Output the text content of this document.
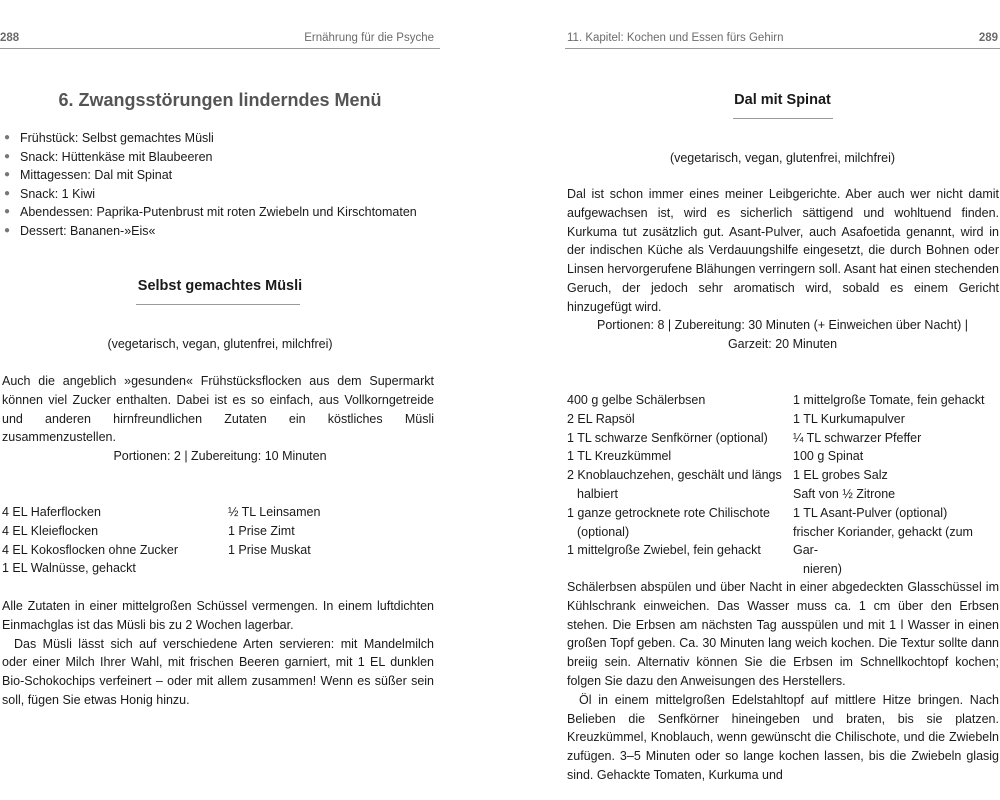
288	Ernährung für die Psyche
6. Zwangsstörungen linderndes Menü
● Frühstück: Selbst gemachtes Müsli
● Snack: Hüttenkäse mit Blaubeeren
● Mittagessen: Dal mit Spinat
● Snack: 1 Kiwi
● Abendessen: Paprika-Putenbrust mit roten Zwiebeln und Kirschtomaten
● Dessert: Bananen-»Eis«
Selbst gemachtes Müsli
(vegetarisch, vegan, glutenfrei, milchfrei)
Auch die angeblich »gesunden« Frühstücksflocken aus dem Supermarkt können viel Zucker enthalten. Dabei ist es so einfach, aus Vollkorngetreide und anderen hirnfreundlichen Zutaten ein köstliches Müsli zusammenzustellen.
Portionen: 2 | Zubereitung: 10 Minuten
4 EL Haferflocken
4 EL Kleieflocken
4 EL Kokosflocken ohne Zucker
1 EL Walnüsse, gehackt
½ TL Leinsamen
1 Prise Zimt
1 Prise Muskat

Alle Zutaten in einer mittelgroßen Schüssel vermengen. In einem luftdichten Einmachglas ist das Müsli bis zu 2 Wochen lagerbar.

Das Müsli lässt sich auf verschiedene Arten servieren: mit Mandelmilch oder einer Milch Ihrer Wahl, mit frischen Beeren garniert, mit 1 EL dunklen Bio-Schokochips verfeinert – oder mit allem zusammen! Wenn es süßer sein soll, fügen Sie etwas Honig hinzu.

11. Kapitel: Kochen und Essen fürs Gehirn	289
Dal mit Spinat
(vegetarisch, vegan, glutenfrei, milchfrei)
Dal ist schon immer eines meiner Leibgerichte. Aber auch wer nicht damit aufgewachsen ist, wird es sicherlich sättigend und wohltuend finden. Kurkuma tut zusätzlich gut. Asant-Pulver, auch Asafoetida genannt, wird in der indischen Küche als Verdauungshilfe eingesetzt, die durch Bohnen oder Linsen hervorgerufene Blähungen verringern soll. Asant hat einen stechenden Geruch, der jedoch sehr aromatisch wird, sobald es einem Gericht hinzugefügt wird.
Portionen: 8 | Zubereitung: 30 Minuten (+ Einweichen über Nacht) |
Garzeit: 20 Minuten
400 g gelbe Schälerbsen
2 EL Rapsöl
1 TL schwarze Senfkörner (optional)
1 TL Kreuzkümmel
2 Knoblauchzehen, geschält und längs
halbiert
1 ganze getrocknete rote Chilischote
(optional)
1 mittelgroße Zwiebel, fein gehackt
1 mittelgroße Tomate, fein gehackt
1 TL Kurkumapulver
¼ TL schwarzer Pfeffer
100 g Spinat
1 EL grobes Salz
Saft von ½ Zitrone
1 TL Asant-Pulver (optional)
frischer Koriander, gehackt (zum Gar-
nieren)

Schälerbsen abspülen und über Nacht in einer abgedeckten Glasschüssel im Kühlschrank einweichen. Das Wasser muss ca. 1 cm über den Erbsen stehen. Die Erbsen am nächsten Tag ausspülen und mit 1 l Wasser in einen großen Topf geben. Ca. 30 Minuten lang weich kochen. Die Textur sollte dann breiig sein. Alternativ können Sie die Erbsen im Schnellkochtopf kochen; folgen Sie dazu den Anweisungen des Herstellers.

Öl in einem mittelgroßen Edelstahltopf auf mittlere Hitze bringen. Nach Belieben die Senfkörner hineingeben und braten, bis sie platzen. Kreuzkümmel, Knoblauch, wenn gewünscht die Chilischote, und die Zwiebeln zufügen. 3–5 Minuten oder so lange kochen lassen, bis die Zwiebeln glasig sind. Gehackte Tomaten, Kurkuma und
